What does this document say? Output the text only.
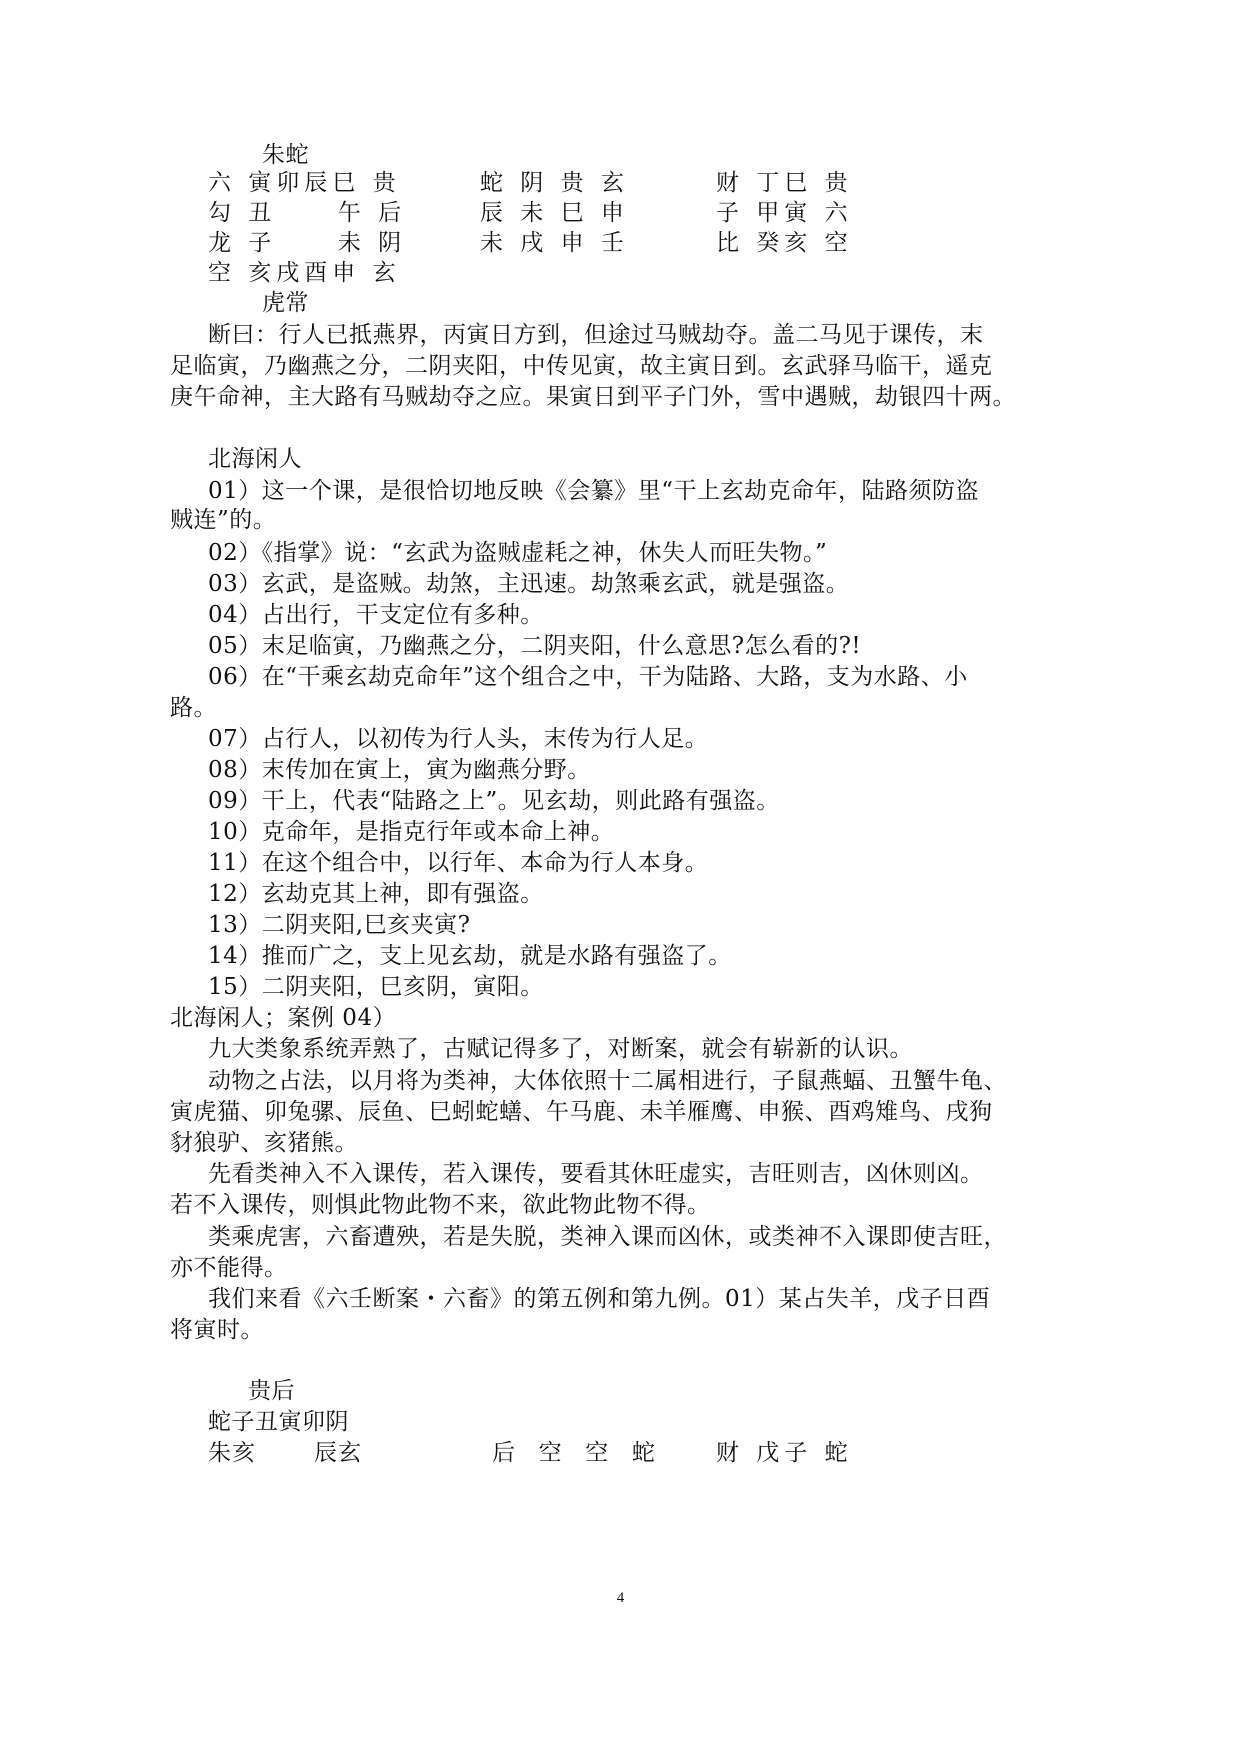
朱蛇
六 寅卯辰巳 贵	蛇 阴 贵 玄	财 丁巳 贵
勾 丑     午 后	辰 未 巳 申	子 甲寅 六
龙 子     未 阴	未 戌 申 壬	比 癸亥 空
空 亥戌酉申 玄
虎常
断曰：行人已抵燕界，丙寅日方到，但途过马贼劫夺。盖二马见于课传，末
足临寅，乃幽燕之分，二阴夹阳，中传见寅，故主寅日到。玄武驿马临干，遥克
庚午命神，主大路有马贼劫夺之应。果寅日到平子门外，雪中遇贼，劫银四十两。
北海闲人
01）这一个课，是很恰切地反映《会纂》里“干上玄劫克命年，陆路须防盗
贼连”的。
02）《指掌》说：“玄武为盗贼虚耗之神，休失人而旺失物。”
03）玄武，是盗贼。劫煞，主迅速。劫煞乘玄武，就是强盗。
04）占出行，干支定位有多种。
05）末足临寅，乃幽燕之分，二阴夹阳，什么意思?怎么看的?!
06）在“干乘玄劫克命年”这个组合之中，干为陆路、大路，支为水路、小
路。
07）占行人，以初传为行人头，末传为行人足。
08）末传加在寅上，寅为幽燕分野。
09）干上，代表“陆路之上”。见玄劫，则此路有强盗。
10）克命年，是指克行年或本命上神。
11）在这个组合中，以行年、本命为行人本身。
12）玄劫克其上神，即有强盗。
13）二阴夹阳,巳亥夹寅?
14）推而广之，支上见玄劫，就是水路有强盗了。
15）二阴夹阳，巳亥阴，寅阳。
北海闲人；案例 04）
九大类象系统弄熟了，古赋记得多了，对断案，就会有崭新的认识。
动物之占法，以月将为类神，大体依照十二属相进行，子鼠燕蝠、丑蟹牛龟、
寅虎猫、卯兔骡、辰鱼、巳蚓蛇蟮、午马鹿、未羊雁鹰、申猴、酉鸡雉鸟、戌狗
豺狼驴、亥猪熊。
先看类神入不入课传，若入课传，要看其休旺虚实，吉旺则吉，凶休则凶。
若不入课传，则惧此物此物不来，欲此物此物不得。
类乘虎害，六畜遭殃，若是失脱，类神入课而凶休，或类神不入课即使吉旺，
亦不能得。
我们来看《六壬断案・六畜》的第五例和第九例。01）某占失羊，戊子日酉
将寅时。
贵后
蛇子丑寅卯阴
朱亥       辰玄	后  空  空  蛇	财 戊子 蛇
4
